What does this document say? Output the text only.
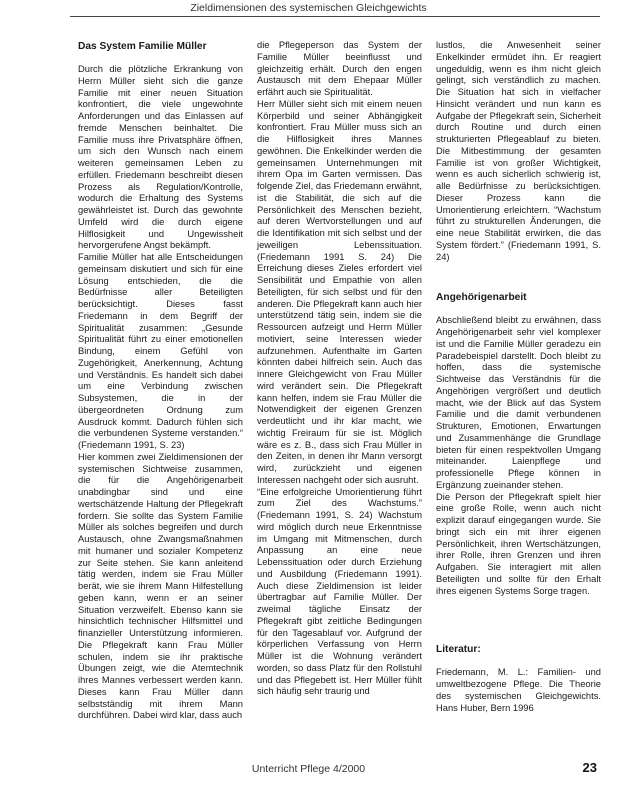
Zieldimensionen des systemischen Gleichgewichts
Das System Familie Müller

Durch die plötzliche Erkrankung von Herrn Müller sieht sich die ganze Familie mit einer neuen Situation konfrontiert, die viele ungewohnte Anforderungen und das Einlassen auf fremde Menschen beinhaltet. Die Familie muss ihre Privatsphäre öffnen, um sich den Wunsch nach einem weiteren gemeinsamen Leben zu erfüllen. Friedemann beschreibt diesen Prozess als Regulation/Kontrolle, wodurch die Erhaltung des Systems gewährleistet ist. Durch das gewohnte Umfeld wird die durch eigene Hilflosigkeit und Ungewissheit hervorgerufene Angst bekämpft.

Familie Müller hat alle Entscheidungen gemeinsam diskutiert und sich für eine Lösung entschieden, die die Bedürfnisse aller Beteiligten berücksichtigt. Dieses fasst Friedemann in dem Begriff der Spiritualität zusammen: „Gesunde Spiritualität führt zu einer emotionellen Bindung, einem Gefühl von Zugehörigkeit, Anerkennung, Achtung und Verständnis. Es handelt sich dabei um eine Verbindung zwischen Subsystemen, die in der übergeordneten Ordnung zum Ausdruck kommt. Dadurch fühlen sich die verbundenen Systeme verstanden.“ (Friedemann 1991, S. 23)

Hier kommen zwei Zieldimensionen der systemischen Sichtweise zusammen, die für die Angehörigenarbeit unabdingbar sind und eine wertschätzende Haltung der Pflegekraft fordern. Sie sollte das System Familie Müller als solches begreifen und durch Austausch, ohne Zwangsmaßnahmen mit humaner und sozialer Kompetenz zur Seite stehen. Sie kann anleitend tätig werden, indem sie Frau Müller berät, wie sie ihrem Mann Hilfestellung geben kann, wenn er an seiner Situation verzweifelt. Ebenso kann sie hinsichtlich technischer Hilfsmittel und finanzieller Unterstützung informieren. Die Pflegekraft kann Frau Müller schulen, indem sie ihr praktische Übungen zeigt, wie die Atemtechnik ihres Mannes verbessert werden kann. Dieses kann Frau Müller dann selbstständig mit ihrem Mann durchführen. Dabei wird klar, dass auch

die Pflegeperson das System der Familie Müller beeinflusst und gleichzeitig erhält. Durch den engen Austausch mit dem Ehepaar Müller erfährt auch sie Spiritualität.

Herr Müller sieht sich mit einem neuen Körperbild und seiner Abhängigkeit konfrontiert. Frau Müller muss sich an die Hilflosigkeit ihres Mannes gewöhnen. Die Enkelkinder werden die gemeinsamen Unternehmungen mit ihrem Opa im Garten vermissen. Das folgende Ziel, das Friedemann erwähnt, ist die Stabilität, die sich auf die Persönlichkeit des Menschen bezieht, auf deren Wertvorstellungen und auf die Identifikation mit sich selbst und der jeweiligen Lebenssituation. (Friedemann 1991 S. 24) Die Erreichung dieses Zieles erfordert viel Sensibilität und Empathie von allen Beteiligten, für sich selbst und für den anderen. Die Pflegekraft kann auch hier unterstützend tätig sein, indem sie die Ressourcen aufzeigt und Herrn Müller motiviert, seine Interessen wieder aufzunehmen. Aufenthalte im Garten könnten dabei hilfreich sein. Auch das innere Gleichgewicht von Frau Müller wird verändert sein. Die Pflegekraft kann helfen, indem sie Frau Müller die Notwendigkeit der eigenen Grenzen verdeutlicht und ihr klar macht, wie wichtig Freiraum für sie ist. Möglich wäre es z. B., dass sich Frau Müller in den Zeiten, in denen ihr Mann versorgt wird, zurückzieht und eigenen Interessen nachgeht oder sich ausruht.

“Eine erfolgreiche Umorientierung führt zum Ziel des Wachstums.” (Friedemann 1991, S. 24) Wachstum wird möglich durch neue Erkenntnisse im Umgang mit Mitmenschen, durch Anpassung an eine neue Lebenssituation oder durch Erziehung und Ausbildung (Friedemann 1991). Auch diese Zieldimension ist leider übertragbar auf Familie Müller. Der zweimal tägliche Einsatz der Pflegekraft gibt zeitliche Bedingungen für den Tagesablauf vor. Aufgrund der körperlichen Verfassung von Herrn Müller ist die Wohnung verändert worden, so dass Platz für den Rollstuhl und das Pflegebett ist. Herr Müller fühlt sich häufig sehr traurig und

lustlos, die Anwesenheit seiner Enkelkinder ermüdet ihn. Er reagiert ungeduldig, wenn es ihm nicht gleich gelingt, sich verständlich zu machen. Die Situation hat sich in vielfacher Hinsicht verändert und nun kann es Aufgabe der Pflegekraft sein, Sicherheit durch Routine und durch einen strukturierten Pflegeablauf zu bieten. Die Mitbestimmung der gesamten Familie ist von großer Wichtigkeit, wenn es auch sicherlich schwierig ist, alle Bedürfnisse zu berücksichtigen. Dieser Prozess kann die Umorientierung erleichtern. “Wachstum führt zu strukturellen Änderungen, die eine neue Stabilität erwirken, die das System fördert.” (Friedemann 1991, S. 24)

Angehörigenarbeit

Abschließend bleibt zu erwähnen, dass Angehörigenarbeit sehr viel komplexer ist und die Familie Müller geradezu ein Paradebeispiel darstellt. Doch bleibt zu hoffen, dass die systemische Sichtweise das Verständnis für die Angehörigen vergrößert und deutlich macht, wie der Blick auf das System Familie und die damit verbundenen Strukturen, Emotionen, Erwartungen und Zusammenhänge die Grundlage bieten für einen respektvollen Umgang miteinander. Laienpflege und professionelle Pflege können in Ergänzung zueinander stehen.

Die Person der Pflegekraft spielt hier eine große Rolle, wenn auch nicht explizit darauf eingegangen wurde. Sie bringt sich ein mit ihrer eigenen Persönlichkeit, ihren Wertschätzungen, ihrer Rolle, ihren Grenzen und ihren Aufgaben. Sie interagiert mit allen Beteiligten und sollte für den Erhalt ihres eigenen Systems Sorge tragen.

Literatur:

Friedemann, M. L.: Familien- und umweltbezogene Pflege. Die Theorie des systemischen Gleichgewichts. Hans Huber, Bern 1996

Unterricht Pflege 4/2000	23
